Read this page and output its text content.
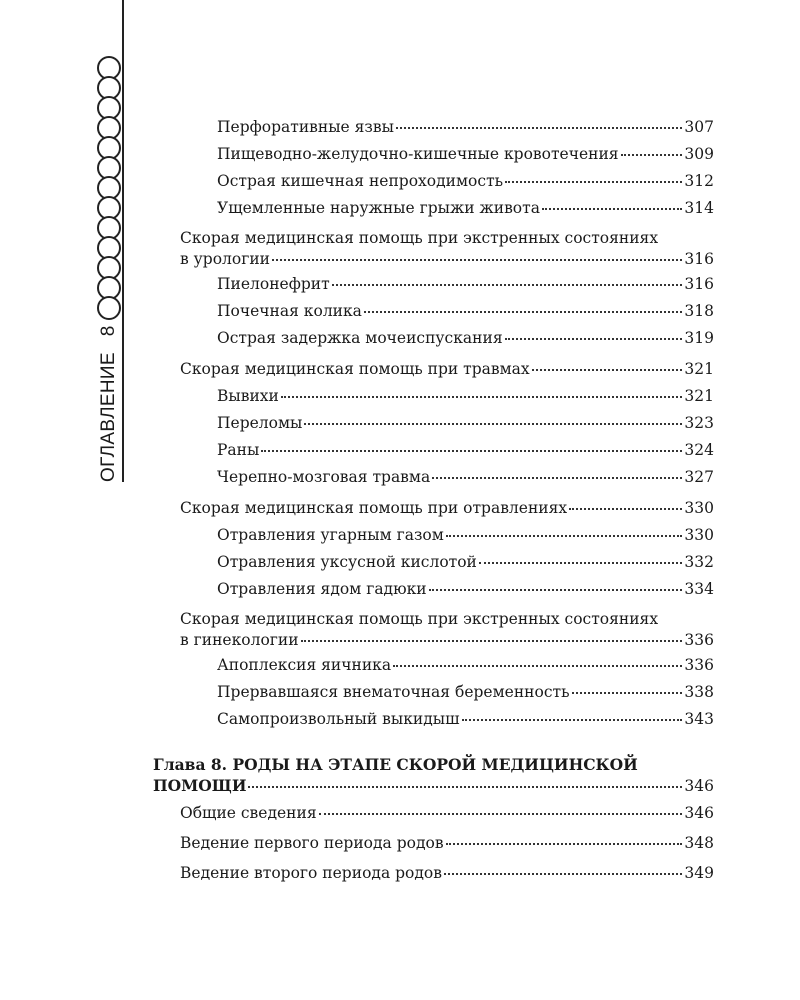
ОГЛАВЛЕНИЕ
8
Перфоративные язвы	307
Пищеводно-желудочно-кишечные кровотечения	309
Острая кишечная непроходимость	312
Ущемленные наружные грыжи живота	314
Скорая медицинская помощь при экстренных состояниях
в урологии	316
Пиелонефрит	316
Почечная колика	318
Острая задержка мочеиспускания	319
Скорая медицинская помощь при травмах	321
Вывихи	321
Переломы	323
Раны	324
Черепно-мозговая травма	327
Скорая медицинская помощь при отравлениях	330
Отравления угарным газом	330
Отравления уксусной кислотой	332
Отравления ядом гадюки	334
Скорая медицинская помощь при экстренных состояниях
в гинекологии	336
Апоплексия яичника	336
Прервавшаяся внематочная беременность	338
Самопроизвольный выкидыш	343
Глава 8. РОДЫ НА ЭТАПЕ СКОРОЙ МЕДИЦИНСКОЙ
ПОМОЩИ	346
Общие сведения	346
Ведение первого периода родов	348
Ведение второго периода родов	349
